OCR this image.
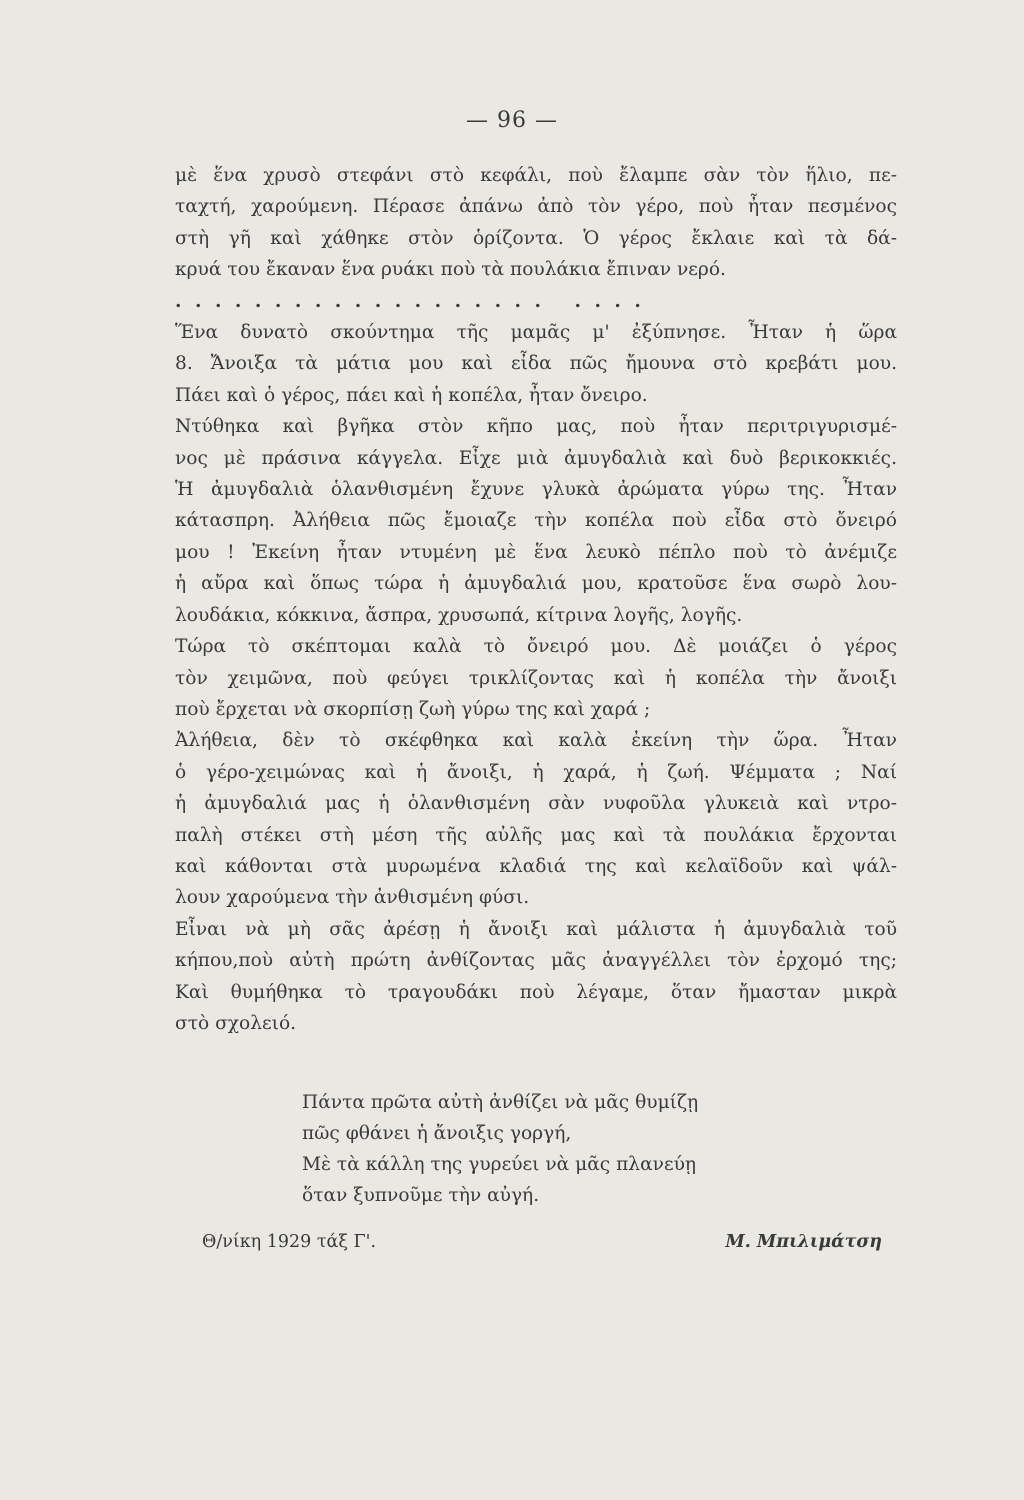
— 96 —
μὲ ἕνα χρυσὸ στεφάνι στὸ κεφάλι, ποὺ ἔλαμπε σὰν τὸν ἥλιο, πε-
ταχτή, χαρούμενη. Πέρασε ἀπάνω ἀπὸ τὸν γέρο, ποὺ ἦταν πεσμένος
στὴ γῆ καὶ χάθηκε στὸν ὁρίζοντα. Ὁ γέρος ἔκλαιε καὶ τὰ δά-
κρυά του ἔκαναν ἕνα ρυάκι ποὺ τὰ πουλάκια ἔπιναν νερό.
................... ....
Ἕνα δυνατὸ σκούντημα τῆς μαμᾶς μ' ἐξύπνησε. Ἦταν ἡ ὥρα
8. Ἄνοιξα τὰ μάτια μου καὶ εἶδα πῶς ἤμουνα στὸ κρεβάτι μου.
Πάει καὶ ὁ γέρος, πάει καὶ ἡ κοπέλα, ἦταν ὄνειρο.
Ντύθηκα καὶ βγῆκα στὸν κῆπο μας, ποὺ ἦταν περιτριγυρισμέ-
νος μὲ πράσινα κάγγελα. Εἶχε μιὰ ἀμυγδαλιὰ καὶ δυὸ βερικοκκιές.
Ἡ ἀμυγδαλιὰ ὁλανθισμένη ἔχυνε γλυκὰ ἀρώματα γύρω της. Ἦταν
κάτασπρη. Ἀλήθεια πῶς ἔμοιαζε τὴν κοπέλα ποὺ εἶδα στὸ ὄνειρό
μου ! Ἐκείνη ἦταν ντυμένη μὲ ἕνα λευκὸ πέπλο ποὺ τὸ ἀνέμιζε
ἡ αὔρα καὶ ὅπως τώρα ἡ ἀμυγδαλιά μου, κρατοῦσε ἕνα σωρὸ λου-
λουδάκια, κόκκινα, ἄσπρα, χρυσωπά, κίτρινα λογῆς, λογῆς.
Τώρα τὸ σκέπτομαι καλὰ τὸ ὄνειρό μου. Δὲ μοιάζει ὁ γέρος
τὸν χειμῶνα, ποὺ φεύγει τρικλίζοντας καὶ ἡ κοπέλα τὴν ἄνοιξι
ποὺ ἔρχεται νὰ σκορπίσῃ ζωὴ γύρω της καὶ χαρά ;
Ἀλήθεια, δὲν τὸ σκέφθηκα καὶ καλὰ ἐκείνη τὴν ὥρα. Ἦταν
ὁ γέρο-χειμώνας καὶ ἡ ἄνοιξι, ἡ χαρά, ἡ ζωή. Ψέμματα ; Ναί
ἡ ἀμυγδαλιά μας ἡ ὁλανθισμένη σὰν νυφοῦλα γλυκειὰ καὶ ντρο-
παλὴ στέκει στὴ μέση τῆς αὐλῆς μας καὶ τὰ πουλάκια ἔρχονται
καὶ κάθονται στὰ μυρωμένα κλαδιά της καὶ κελαϊδοῦν καὶ ψάλ-
λουν χαρούμενα τὴν ἀνθισμένη φύσι.
Εἶναι νὰ μὴ σᾶς ἀρέσῃ ἡ ἄνοιξι καὶ μάλιστα ἡ ἀμυγδαλιὰ τοῦ
κήπου,ποὺ αὐτὴ πρώτη ἀνθίζοντας μᾶς ἀναγγέλλει τὸν ἐρχομό της;
Καὶ θυμήθηκα τὸ τραγουδάκι ποὺ λέγαμε, ὅταν ἤμασταν μικρὰ
στὸ σχολειό.
Πάντα πρῶτα αὐτὴ ἀνθίζει νὰ μᾶς θυμίζῃ
πῶς φθάνει ἡ ἄνοιξις γοργή,
Μὲ τὰ κάλλη της γυρεύει νὰ μᾶς πλανεύῃ
ὅταν ξυπνοῦμε τὴν αὐγή.
Θ/νίκη 1929 τάξ Γ'.	Μ. Μπιλιμάτση
